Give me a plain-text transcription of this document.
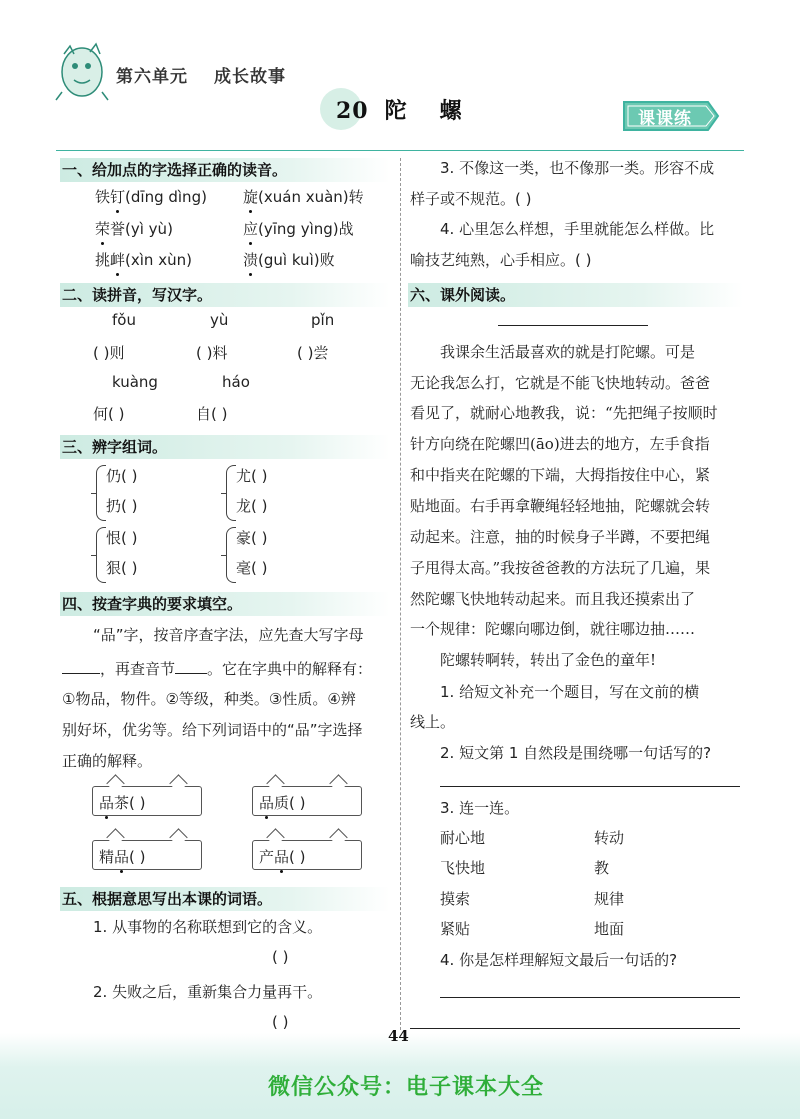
第六单元 成长故事
20 陀 螺	课课练
一、给加点的字选择正确的读音。
铁钉(dīng dìng) 旋(xuán xuàn)转
荣誉(yì yù)	应(yīng yìng)战
挑衅(xìn xùn)	溃(guì kuì)败
二、读拼音，写汉字。
fǒu	yù	pǐn
( )则	( )料	( )尝
kuàng	háo
何( )	自( )
三、辨字组词。
仍( )	尤( )
扔( )	龙( )
恨( )	豪( )
狠( )	毫( )
四、按查字典的要求填空。
“品”字，按音序查字法，应先查大写字母
，再查音节 。它在字典中的解释有：
①物品，物件。②等级，种类。③性质。④辨
别好坏，优劣等。给下列词语中的“品”字选择
正确的解释。
品茶( )	品质( )
精品( )	产品( )
五、根据意思写出本课的词语。
1. 从事物的名称联想到它的含义。
( )
2. 失败之后，重新集合力量再干。
( )
3. 不像这一类，也不像那一类。形容不成
样子或不规范。( )
4. 心里怎么样想，手里就能怎么样做。比
喻技艺纯熟，心手相应。( )
六、课外阅读。
我课余生活最喜欢的就是打陀螺。可是
无论我怎么打，它就是不能飞快地转动。爸爸
看见了，就耐心地教我，说：“先把绳子按顺时
针方向绕在陀螺凹(āo)进去的地方，左手食指
和中指夹在陀螺的下端，大拇指按住中心，紧
贴地面。右手再拿鞭绳轻轻地抽，陀螺就会转
动起来。注意，抽的时候身子半蹲，不要把绳
子甩得太高。”我按爸爸教的方法玩了几遍，果
然陀螺飞快地转动起来。而且我还摸索出了
一个规律：陀螺向哪边倒，就往哪边抽……
陀螺转啊转，转出了金色的童年!
1. 给短文补充一个题目，写在文前的横
线上。
2. 短文第 1 自然段是围绕哪一句话写的?
3. 连一连。
耐心地	转动
飞快地	教
摸索	规律
紧贴	地面
4. 你是怎样理解短文最后一句话的?
44
微信公众号：电子课本大全
